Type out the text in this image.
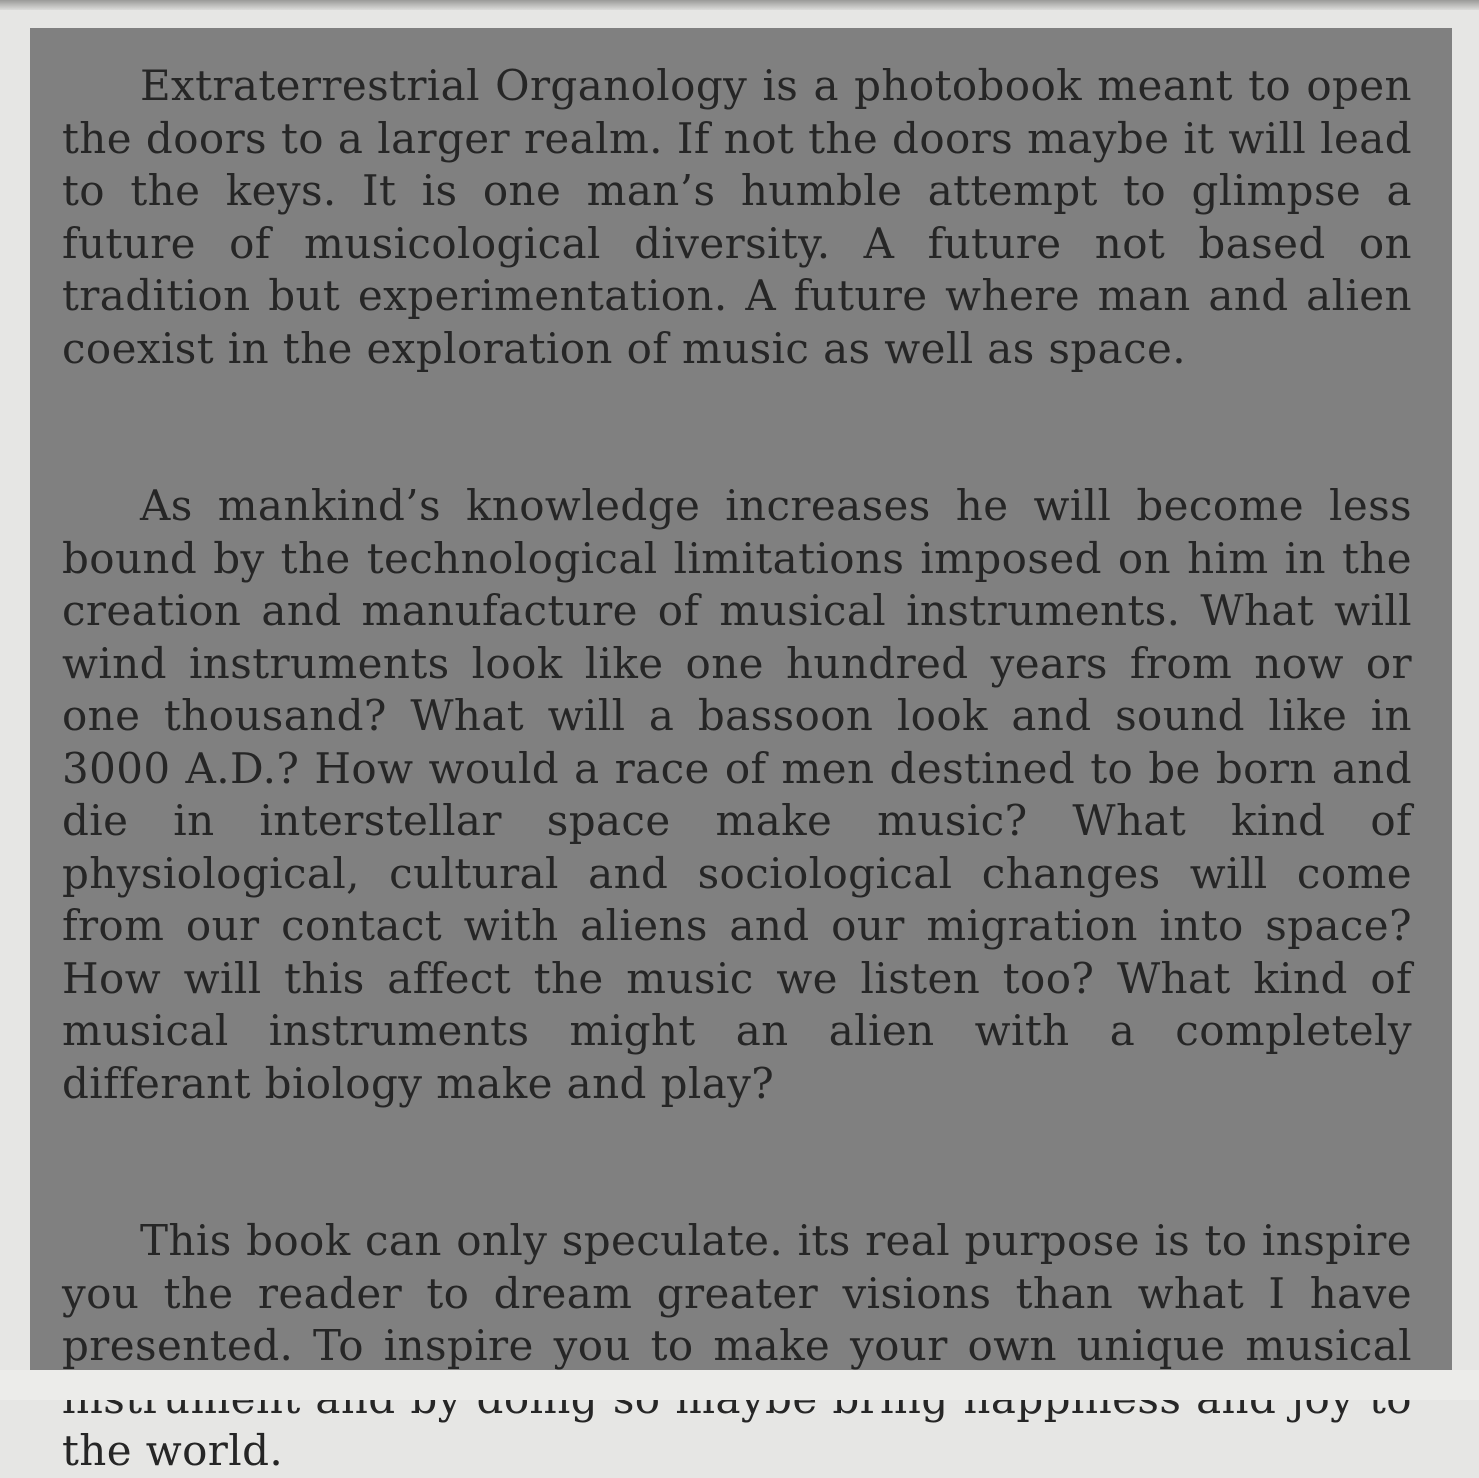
Extraterrestrial Organology is a photobook meant to open the doors to a larger realm. If not the doors maybe it will lead to the keys. It is one man’s humble attempt to glimpse a future of musicological diversity. A future not based on tradition but experimentation. A future where man and alien coexist in the exploration of music as well as space.

As mankind’s knowledge increases he will become less bound by the technological limitations imposed on him in the creation and manufacture of musical instruments. What will wind instruments look like one hundred years from now or one thousand? What will a bassoon look and sound like in 3000 A.D.? How would a race of men destined to be born and die in interstellar space make music? What kind of physiological, cultural and sociological changes will come from our contact with aliens and our migration into space? How will this affect the music we listen too? What kind of musical instruments might an alien with a completely differant biology make and play?

This book can only speculate. its real purpose is to inspire you the reader to dream greater visions than what I have presented. To inspire you to make your own unique musical the world.
